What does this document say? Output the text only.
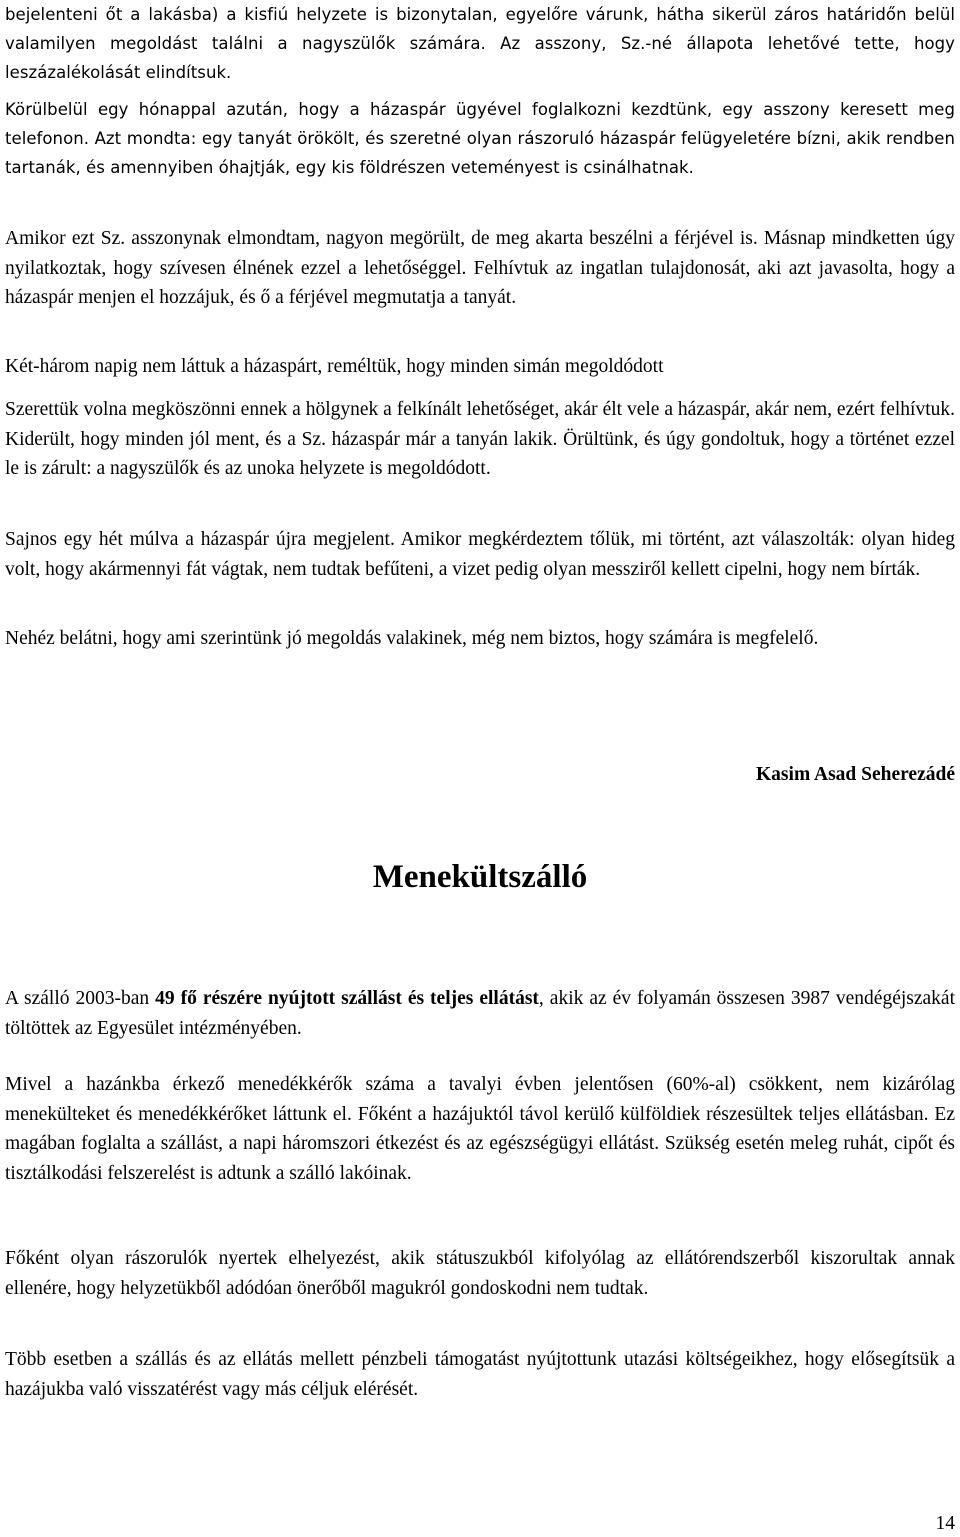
bejelenteni őt a lakásba) a kisfiú helyzete is bizonytalan, egyelőre várunk, hátha sikerül záros határidőn belül valamilyen megoldást találni a nagyszülők számára. Az asszony, Sz.-né állapota lehetővé tette, hogy leszázalékolását elindítsuk.

Körülbelül egy hónappal azután, hogy a házaspár ügyével foglalkozni kezdtünk, egy asszony keresett meg telefonon. Azt mondta: egy tanyát örökölt, és szeretné olyan rászoruló házaspár felügyeletére bízni, akik rendben tartanák, és amennyiben óhajtják, egy kis földrészen veteményest is csinálhatnak.

Amikor ezt Sz. asszonynak elmondtam, nagyon megörült, de meg akarta beszélni a férjével is. Másnap mindketten úgy nyilatkoztak, hogy szívesen élnének ezzel a lehetőséggel. Felhívtuk az ingatlan tulajdonosát, aki azt javasolta, hogy a házaspár menjen el hozzájuk, és ő a férjével megmutatja a tanyát.

Két-három napig nem láttuk a házaspárt, reméltük, hogy minden simán megoldódott

Szerettük volna megköszönni ennek a hölgynek a felkínált lehetőséget, akár élt vele a házaspár, akár nem, ezért felhívtuk. Kiderült, hogy minden jól ment, és a Sz. házaspár már a tanyán lakik. Örültünk, és úgy gondoltuk, hogy a történet ezzel le is zárult: a nagyszülők és az unoka helyzete is megoldódott.

Sajnos egy hét múlva a házaspár újra megjelent. Amikor megkérdeztem tőlük, mi történt, azt válaszolták: olyan hideg volt, hogy akármennyi fát vágtak, nem tudtak befűteni, a vizet pedig olyan messziről kellett cipelni, hogy nem bírták.

Nehéz belátni, hogy ami szerintünk jó megoldás valakinek, még nem biztos, hogy számára is megfelelő.

Kasim Asad Seherezádé
Menekültszálló

A szálló 2003-ban 49 fő részére nyújtott szállást és teljes ellátást, akik az év folyamán összesen 3987 vendégéjszakát töltöttek az Egyesület intézményében.

Mivel a hazánkba érkező menedékkérők száma a tavalyi évben jelentősen (60%-al) csökkent, nem kizárólag menekülteket és menedékkérőket láttunk el. Főként a hazájuktól távol kerülő külföldiek részesültek teljes ellátásban. Ez magában foglalta a szállást, a napi háromszori étkezést és az egészségügyi ellátást. Szükség esetén meleg ruhát, cipőt és tisztálkodási felszerelést is adtunk a szálló lakóinak.

Főként olyan rászorulók nyertek elhelyezést, akik státuszukból kifolyólag az ellátórendszerből kiszorultak annak ellenére, hogy helyzetükből adódóan önerőből magukról gondoskodni nem tudtak.

Több esetben a szállás és az ellátás mellett pénzbeli támogatást nyújtottunk utazási költségeikhez, hogy elősegítsük a hazájukba való visszatérést vagy más céljuk elérését.

14
